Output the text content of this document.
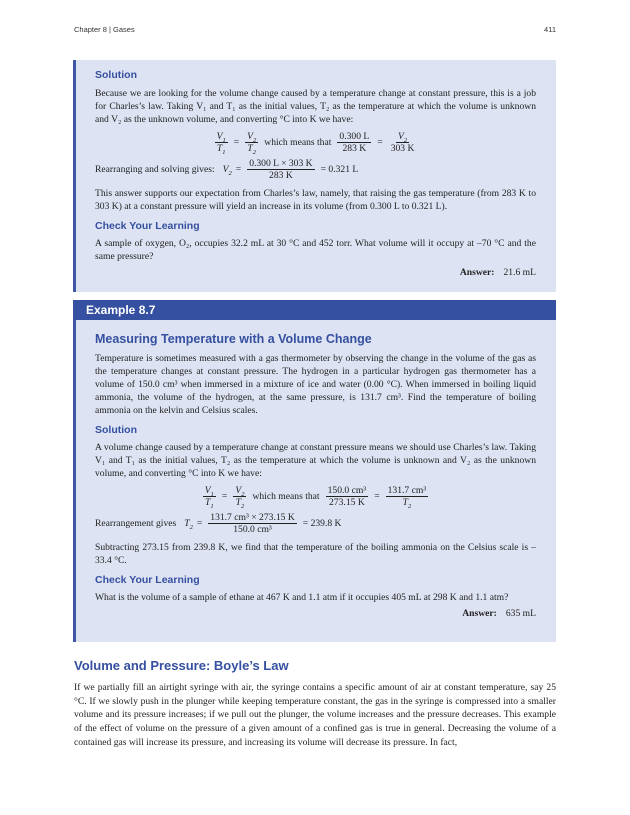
Chapter 8 | Gases	411
Solution

Because we are looking for the volume change caused by a temperature change at constant pressure, this is a job for Charles’s law. Taking V₁ and T₁ as the initial values, T₂ as the temperature at which the volume is unknown and V₂ as the unknown volume, and converting °C into K we have:

$\frac{V_1}{T_1} = \frac{V_2}{T_2}$ which means that $\frac{0.300 L}{283 K} = \frac{V_2}{303 K}$
Rearranging and solving gives: $V_2 = \frac{0.300 L \times 303 K}{283 K} = 0.321$ L

This answer supports our expectation from Charles’s law, namely, that raising the gas temperature (from 283 K to 303 K) at a constant pressure will yield an increase in its volume (from 0.300 L to 0.321 L).

Check Your Learning

A sample of oxygen, O₂, occupies 32.2 mL at 30 °C and 452 torr. What volume will it occupy at –70 °C and the same pressure?

Answer: 21.6 mL
Measuring Temperature with a Volume Change

Temperature is sometimes measured with a gas thermometer by observing the change in the volume of the gas as the temperature changes at constant pressure. The hydrogen in a particular hydrogen gas thermometer has a volume of 150.0 cm³ when immersed in a mixture of ice and water (0.00 °C). When immersed in boiling liquid ammonia, the volume of the hydrogen, at the same pressure, is 131.7 cm³. Find the temperature of boiling ammonia on the kelvin and Celsius scales.

Solution

A volume change caused by a temperature change at constant pressure means we should use Charles’s law. Taking V₁ and T₁ as the initial values, T₂ as the temperature at which the volume is unknown and V₂ as the unknown volume, and converting °C into K we have:

$\frac{V_1}{T_1} = \frac{V_2}{T_2}$ which means that $\frac{\text{150.0 cm³}}{273.15 K} = \frac{\text{131.7 cm³}}{T_2}$
Rearrangement gives $T_2 = \frac{\text{131.7 cm³ × 273.15 K}}{\text{150.0 cm³}} = 239.8$ K

Subtracting 273.15 from 239.8 K, we find that the temperature of the boiling ammonia on the Celsius scale is –33.4 °C.

Check Your Learning

What is the volume of a sample of ethane at 467 K and 1.1 atm if it occupies 405 mL at 298 K and 1.1 atm?

Answer: 635 mL
Example 8.7
Volume and Pressure: Boyle’s Law
If we partially fill an airtight syringe with air, the syringe contains a specific amount of air at constant temperature, say 25 °C. If we slowly push in the plunger while keeping temperature constant, the gas in the syringe is compressed into a smaller volume and its pressure increases; if we pull out the plunger, the volume increases and the pressure decreases. This example of the effect of volume on the pressure of a given amount of a confined gas is true in general. Decreasing the volume of a contained gas will increase its pressure, and increasing its volume will decrease its pressure. In fact,
